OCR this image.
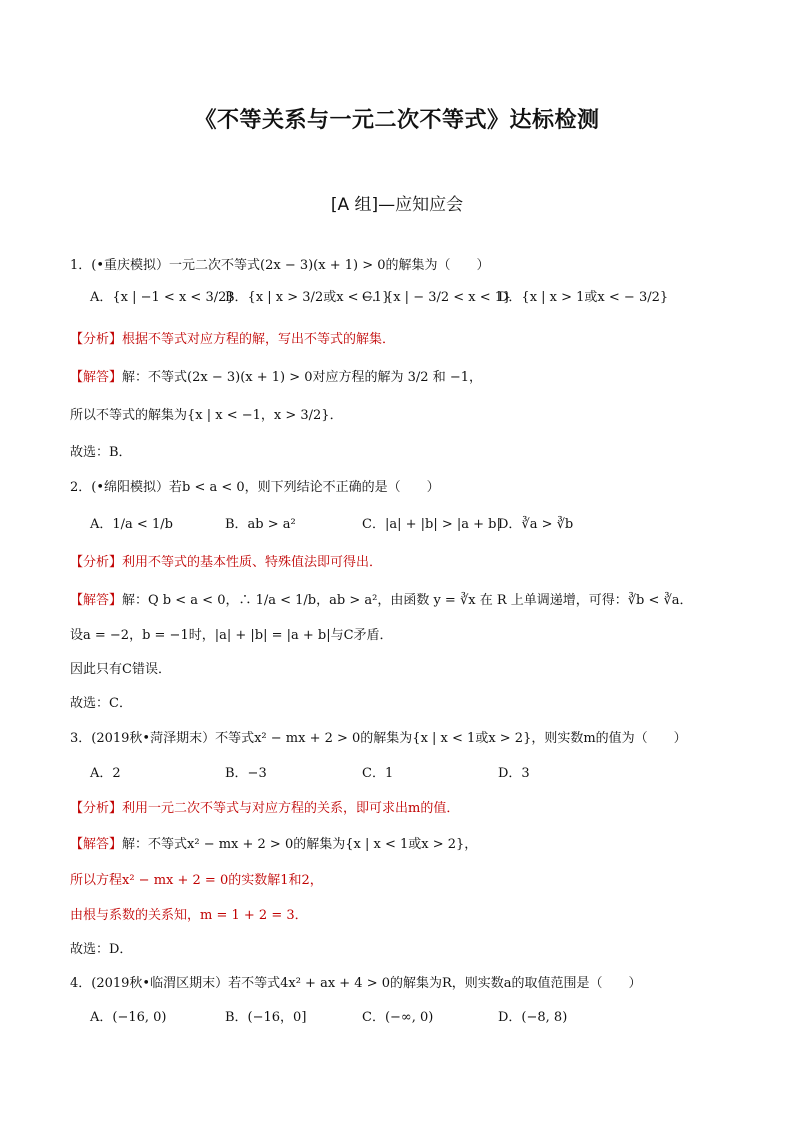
《不等关系与一元二次不等式》达标检测
[A 组]—应知应会
1．(•重庆模拟）一元二次不等式(2x − 3)(x + 1) > 0的解集为（　　）
A．{x | −1 < x < 3/2}
B．{x | x > 3/2或x < −1}
C．{x | − 3/2 < x < 1}
D．{x | x > 1或x < − 3/2}
【分析】根据不等式对应方程的解，写出不等式的解集．
【解答】解：不等式(2x − 3)(x + 1) > 0对应方程的解为 3/2 和 −1，
所以不等式的解集为{x | x < −1，x > 3/2}．
故选：B．
2．(•绵阳模拟）若b < a < 0，则下列结论不正确的是（　　）
A．1/a < 1/b	B．ab > a²	C．|a| + |b| > |a + b|
D．∛a > ∛b
【分析】利用不等式的基本性质、特殊值法即可得出．
【解答】解：Q b < a < 0，∴ 1/a < 1/b，ab > a²，由函数 y = ∛x 在 R 上单调递增，可得：∛b < ∛a．
设a = −2，b = −1时，|a| + |b| = |a + b|与C矛盾．
因此只有C错误．
故选：C．
3．(2019秋•菏泽期末）不等式x² − mx + 2 > 0的解集为{x | x < 1或x > 2}，则实数m的值为（　　）
A．2	B．−3	C．1	D．3
【分析】利用一元二次不等式与对应方程的关系，即可求出m的值．
【解答】解：不等式x² − mx + 2 > 0的解集为{x | x < 1或x > 2}，
所以方程x² − mx + 2 = 0的实数解1和2，
由根与系数的关系知，m = 1 + 2 = 3．
故选：D．
4．(2019秋•临渭区期末）若不等式4x² + ax + 4 > 0的解集为R，则实数a的取值范围是（　　）
A．(−16, 0)	B．(−16，0]	C．(−∞, 0)	D．(−8, 8)
